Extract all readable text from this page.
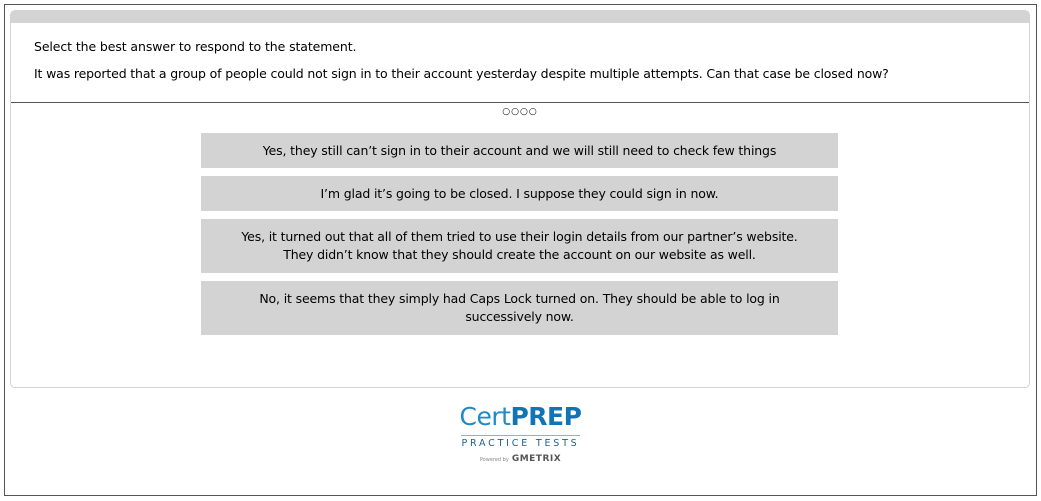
Select the best answer to respond to the statement.
It was reported that a group of people could not sign in to their account yesterday despite multiple attempts. Can that case be closed now?
○○○○
Yes, they still can’t sign in to their account and we will still need to check few things
I’m glad it’s going to be closed. I suppose they could sign in now.
Yes, it turned out that all of them tried to use their login details from our partner’s website. They didn’t know that they should create the account on our website as well.
No, it seems that they simply had Caps Lock turned on. They should be able to log in successively now.
CertPREP
PRACTICE TESTS
Powered by GMETRIX
